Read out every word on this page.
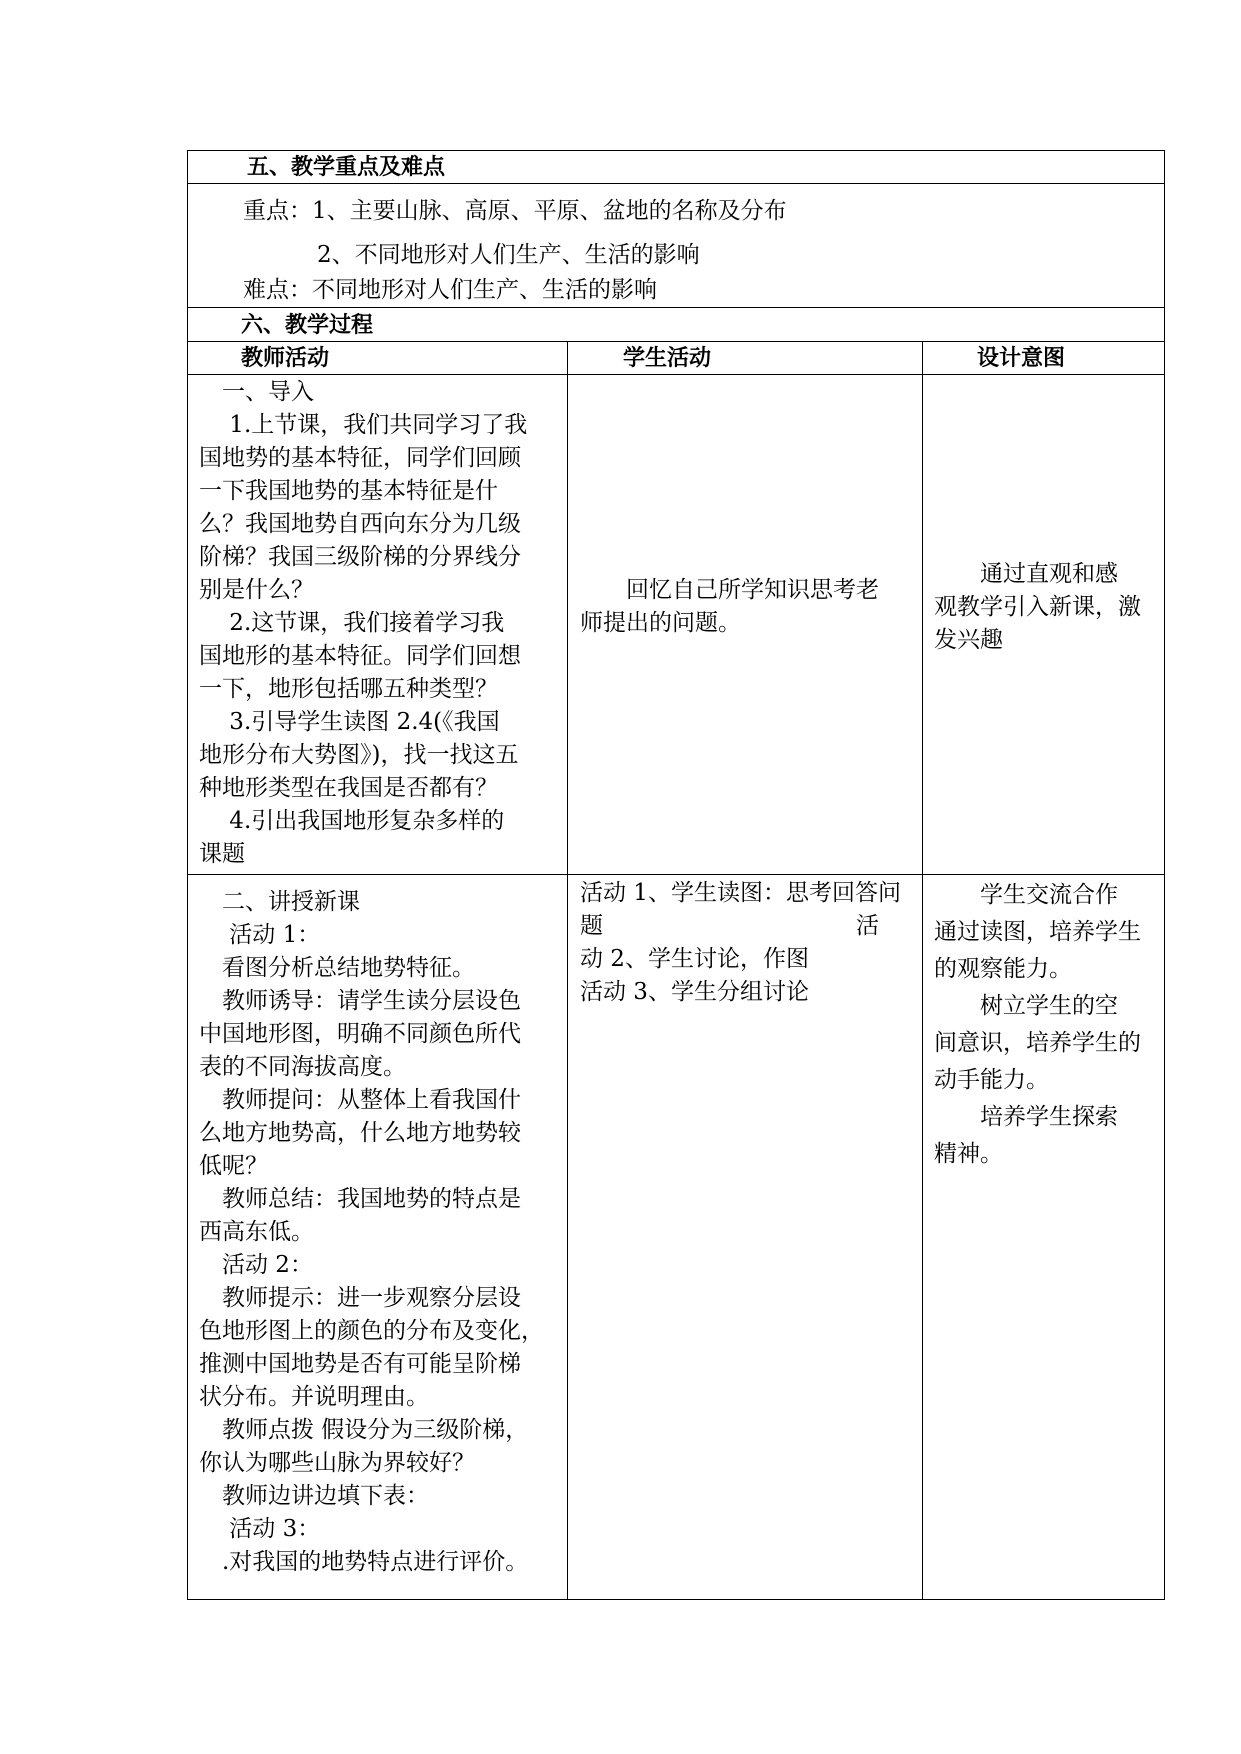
五、教学重点及难点
重点：1、主要山脉、高原、平原、盆地的名称及分布
2、不同地形对人们生产、生活的影响
难点：不同地形对人们生产、生活的影响
六、教学过程
教师活动	学生活动	设计意图
　一、导入
　 1.上节课，我们共同学习了我
国地势的基本特征，同学们回顾
一下我国地势的基本特征是什
么？我国地势自西向东分为几级
阶梯？我国三级阶梯的分界线分
别是什么？
　 2.这节课，我们接着学习我
国地形的基本特征。同学们回想
一下，地形包括哪五种类型？
　 3.引导学生读图 2.4(《我国
地形分布大势图》)，找一找这五
种地形类型在我国是否都有？
　 4.引出我国地形复杂多样的
课题
　　回忆自己所学知识思考老
师提出的问题。
　　通过直观和感
观教学引入新课，激
发兴趣
　二、讲授新课
　 活动 1：
　看图分析总结地势特征。
　教师诱导：请学生读分层设色
中国地形图，明确不同颜色所代
表的不同海拔高度。
　教师提问：从整体上看我国什
么地方地势高，什么地方地势较
低呢？
　教师总结：我国地势的特点是
西高东低。
　活动 2：
　教师提示：进一步观察分层设
色地形图上的颜色的分布及变化，
推测中国地势是否有可能呈阶梯
状分布。并说明理由。
　教师点拨 假设分为三级阶梯，
你认为哪些山脉为界较好？
　教师边讲边填下表：
　 活动 3：
　.对我国的地势特点进行评价。
活动 1、学生读图：思考回答问
题　　　　　　　　　　　活
动 2、学生讨论，作图
活动 3、学生分组讨论
　　学生交流合作
通过读图，培养学生
的观察能力。
　　树立学生的空
间意识，培养学生的
动手能力。
　　培养学生探索
精神。
